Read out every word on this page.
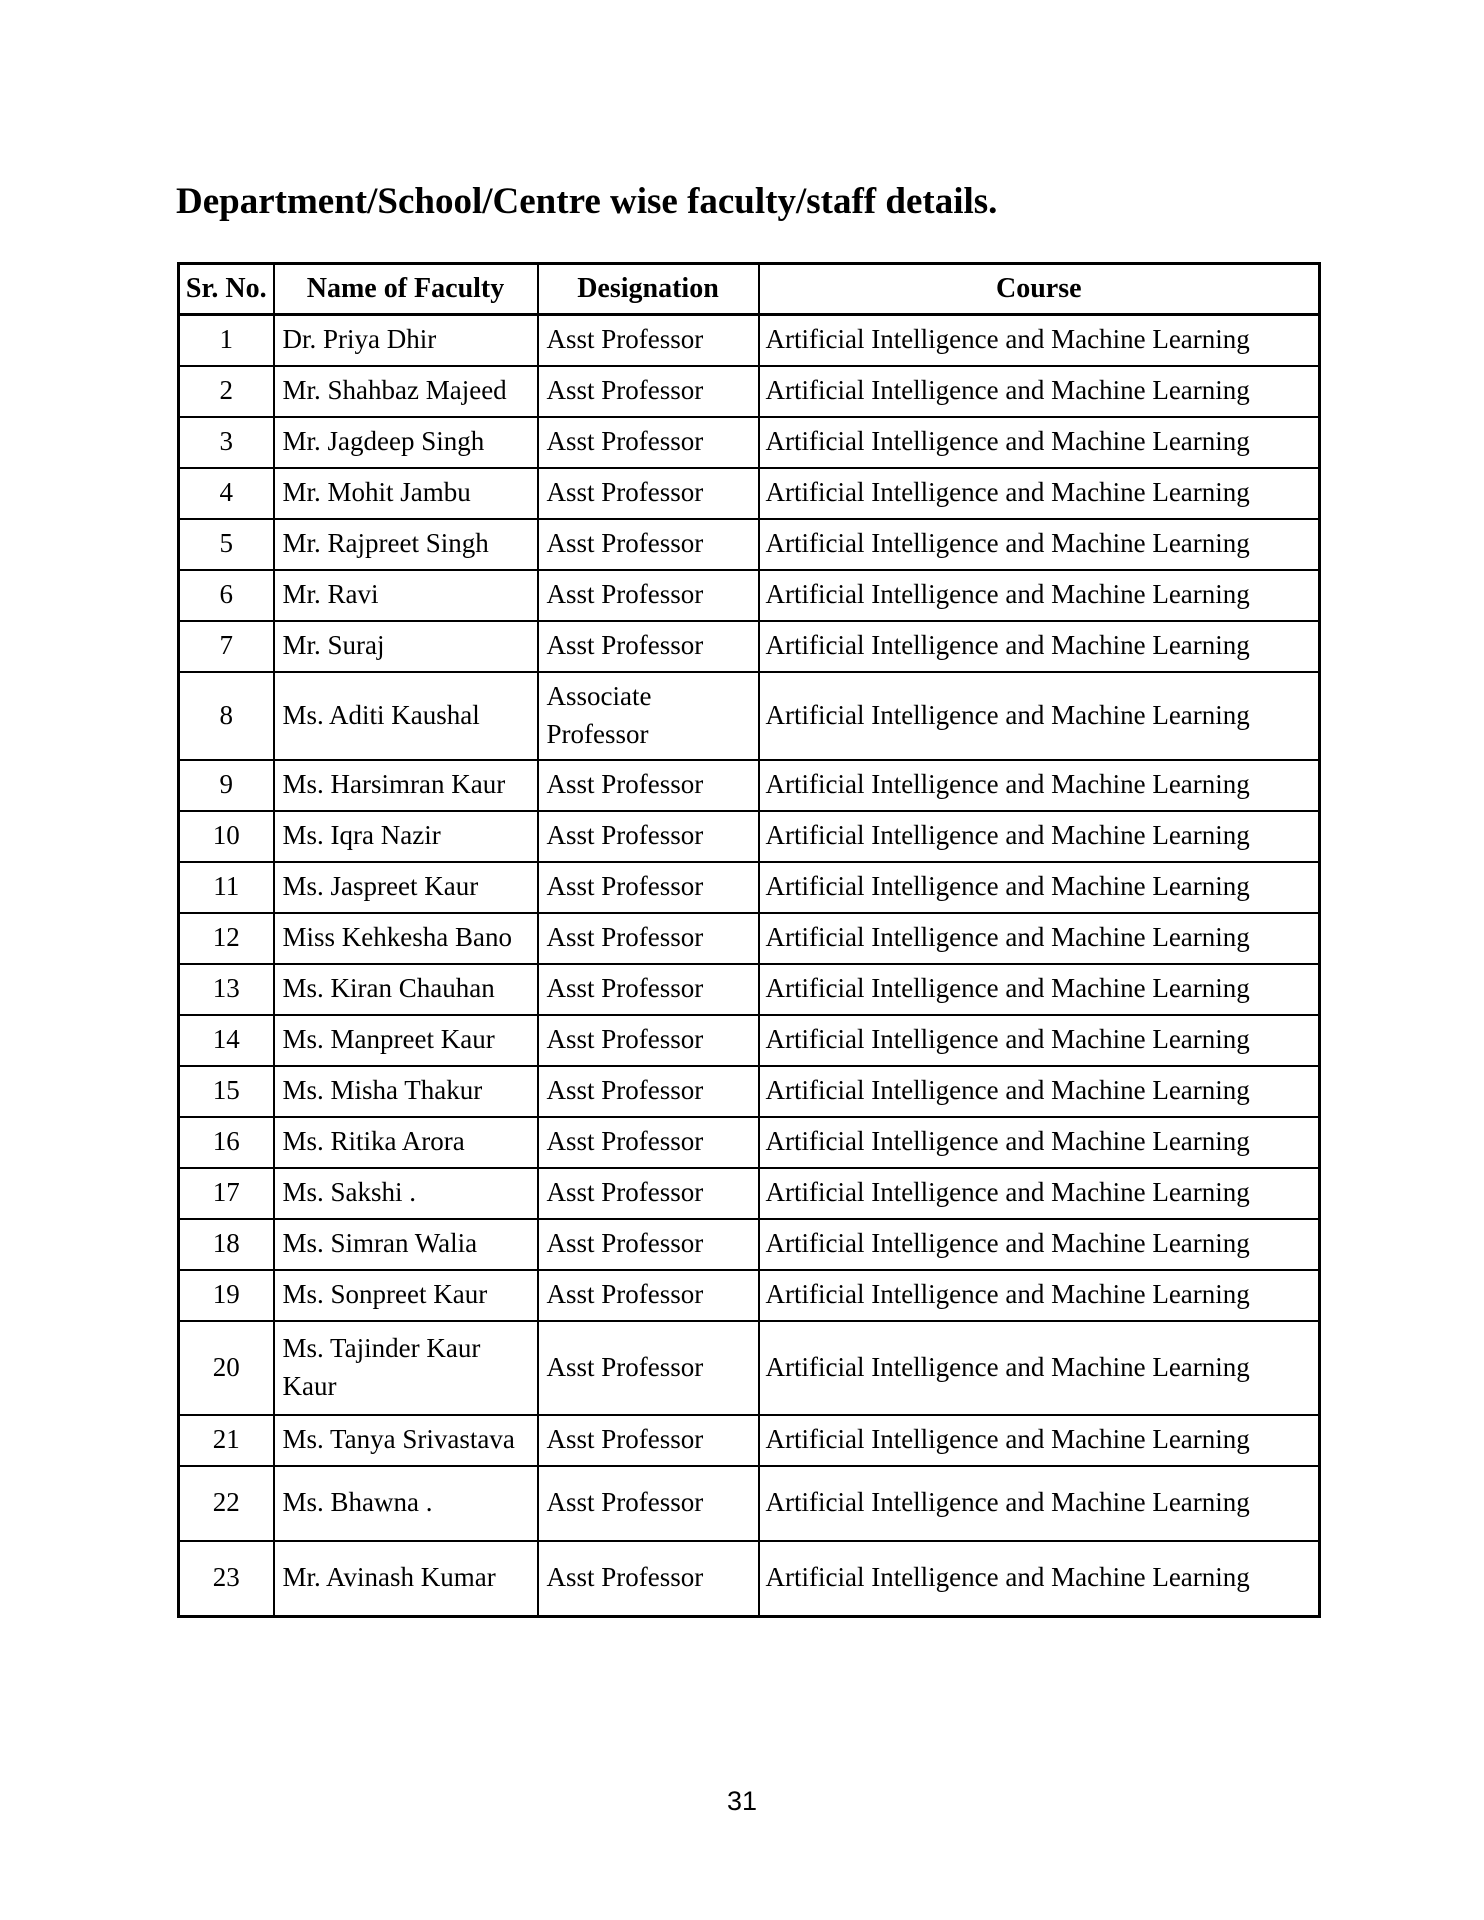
Department/School/Centre wise faculty/staff details.
Sr. No.	Name of Faculty	Designation	Course
1	Dr. Priya Dhir	Asst Professor	Artificial Intelligence and Machine Learning
2	Mr. Shahbaz Majeed	Asst Professor	Artificial Intelligence and Machine Learning
3	Mr. Jagdeep Singh	Asst Professor	Artificial Intelligence and Machine Learning
4	Mr. Mohit Jambu	Asst Professor	Artificial Intelligence and Machine Learning
5	Mr. Rajpreet Singh	Asst Professor	Artificial Intelligence and Machine Learning
6	Mr. Ravi	Asst Professor	Artificial Intelligence and Machine Learning
7	Mr. Suraj	Asst Professor	Artificial Intelligence and Machine Learning
8	Ms. Aditi Kaushal	Associate Professor	Artificial Intelligence and Machine Learning
9	Ms. Harsimran Kaur	Asst Professor	Artificial Intelligence and Machine Learning
10	Ms. Iqra Nazir	Asst Professor	Artificial Intelligence and Machine Learning
11	Ms. Jaspreet Kaur	Asst Professor	Artificial Intelligence and Machine Learning
12	Miss Kehkesha Bano	Asst Professor	Artificial Intelligence and Machine Learning
13	Ms. Kiran Chauhan	Asst Professor	Artificial Intelligence and Machine Learning
14	Ms. Manpreet Kaur	Asst Professor	Artificial Intelligence and Machine Learning
15	Ms. Misha Thakur	Asst Professor	Artificial Intelligence and Machine Learning
16	Ms. Ritika Arora	Asst Professor	Artificial Intelligence and Machine Learning
17	Ms. Sakshi .	Asst Professor	Artificial Intelligence and Machine Learning
18	Ms. Simran Walia	Asst Professor	Artificial Intelligence and Machine Learning
19	Ms. Sonpreet Kaur	Asst Professor	Artificial Intelligence and Machine Learning
20	Ms. Tajinder Kaur Kaur	Asst Professor	Artificial Intelligence and Machine Learning
21	Ms. Tanya Srivastava	Asst Professor	Artificial Intelligence and Machine Learning
22	Ms. Bhawna .	Asst Professor	Artificial Intelligence and Machine Learning
23	Mr. Avinash Kumar	Asst Professor	Artificial Intelligence and Machine Learning
31
